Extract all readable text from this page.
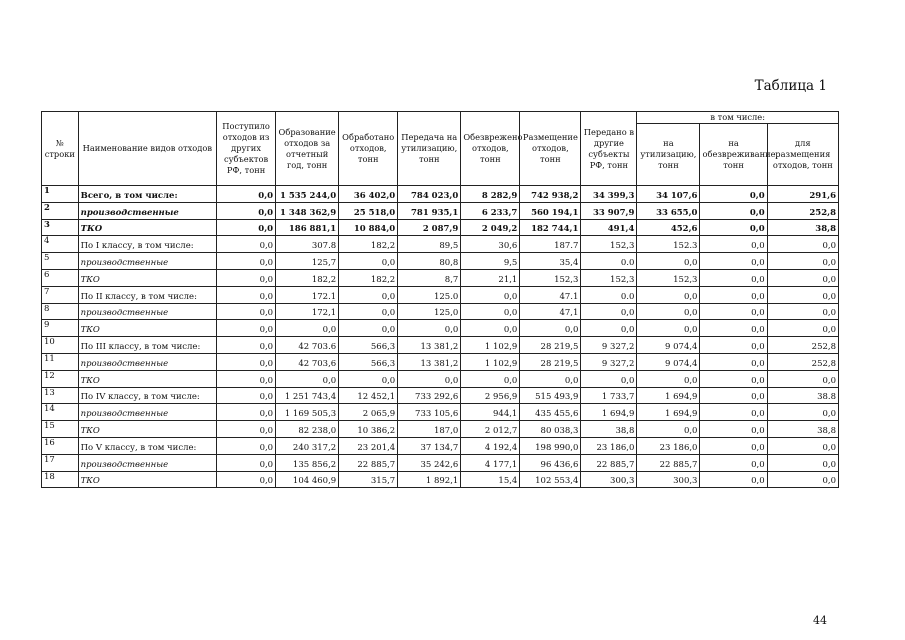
Таблица 1
№ строки	Наименование видов отходов	Поступило отходов из других субъектов РФ, тонн	Образование отходов за отчетный год, тонн	Обработано отходов, тонн	Передача на утилизацию, тонн	Обезврежено отходов, тонн	Размещение отходов, тонн	Передано в другие субъекты РФ, тонн	в том числе:		
									на утилизацию, тонн	на обезвреживание, тонн	для размещения отходов, тонн
1	Всего, в том числе:	0,0	1 535 244,0	36 402,0	784 023,0	8 282,9	742 938,2	34 399,3	34 107,6	0,0	291,6
2	производственные	0,0	1 348 362,9	25 518,0	781 935,1	6 233,7	560 194,1	33 907,9	33 655,0	0,0	252,8
3	ТКО	0,0	186 881,1	10 884,0	2 087,9	2 049,2	182 744,1	491,4	452,6	0,0	38,8
4	По I классу, в том числе:	0,0	307.8	182,2	89,5	30,6	187.7	152,3	152.3	0,0	0,0
5	производственные	0,0	125,7	0,0	80,8	9,5	35,4	0.0	0,0	0,0	0,0
6	ТКО	0,0	182,2	182,2	8,7	21,1	152,3	152,3	152,3	0,0	0,0
7	По II классу, в том числе:	0,0	172.1	0,0	125.0	0,0	47.1	0.0	0,0	0,0	0,0
8	производственные	0,0	172,1	0,0	125,0	0,0	47,1	0,0	0,0	0,0	0,0
9	ТКО	0,0	0,0	0,0	0,0	0,0	0,0	0,0	0,0	0,0	0,0
10	По III классу, в том числе:	0,0	42 703.6	566,3	13 381,2	1 102,9	28 219,5	9 327,2	9 074,4	0,0	252,8
11	производственные	0,0	42 703,6	566,3	13 381,2	1 102,9	28 219,5	9 327,2	9 074,4	0,0	252,8
12	ТКО	0,0	0,0	0,0	0,0	0,0	0,0	0,0	0,0	0,0	0,0
13	По IV классу, в том числе:	0,0	1 251 743,4	12 452,1	733 292,6	2 956,9	515 493,9	1 733,7	1 694,9	0,0	38.8
14	производственные	0,0	1 169 505,3	2 065,9	733 105,6	944,1	435 455,6	1 694,9	1 694,9	0,0	0,0
15	ТКО	0,0	82 238,0	10 386,2	187,0	2 012,7	80 038,3	38,8	0,0	0,0	38,8
16	По V классу, в том числе:	0,0	240 317,2	23 201,4	37 134,7	4 192,4	198 990,0	23 186,0	23 186,0	0,0	0,0
17	производственные	0,0	135 856,2	22 885,7	35 242,6	4 177,1	96 436,6	22 885,7	22 885,7	0,0	0,0
18	ТКО	0,0	104 460,9	315,7	1 892,1	15,4	102 553,4	300,3	300,3	0,0	0,0
44
